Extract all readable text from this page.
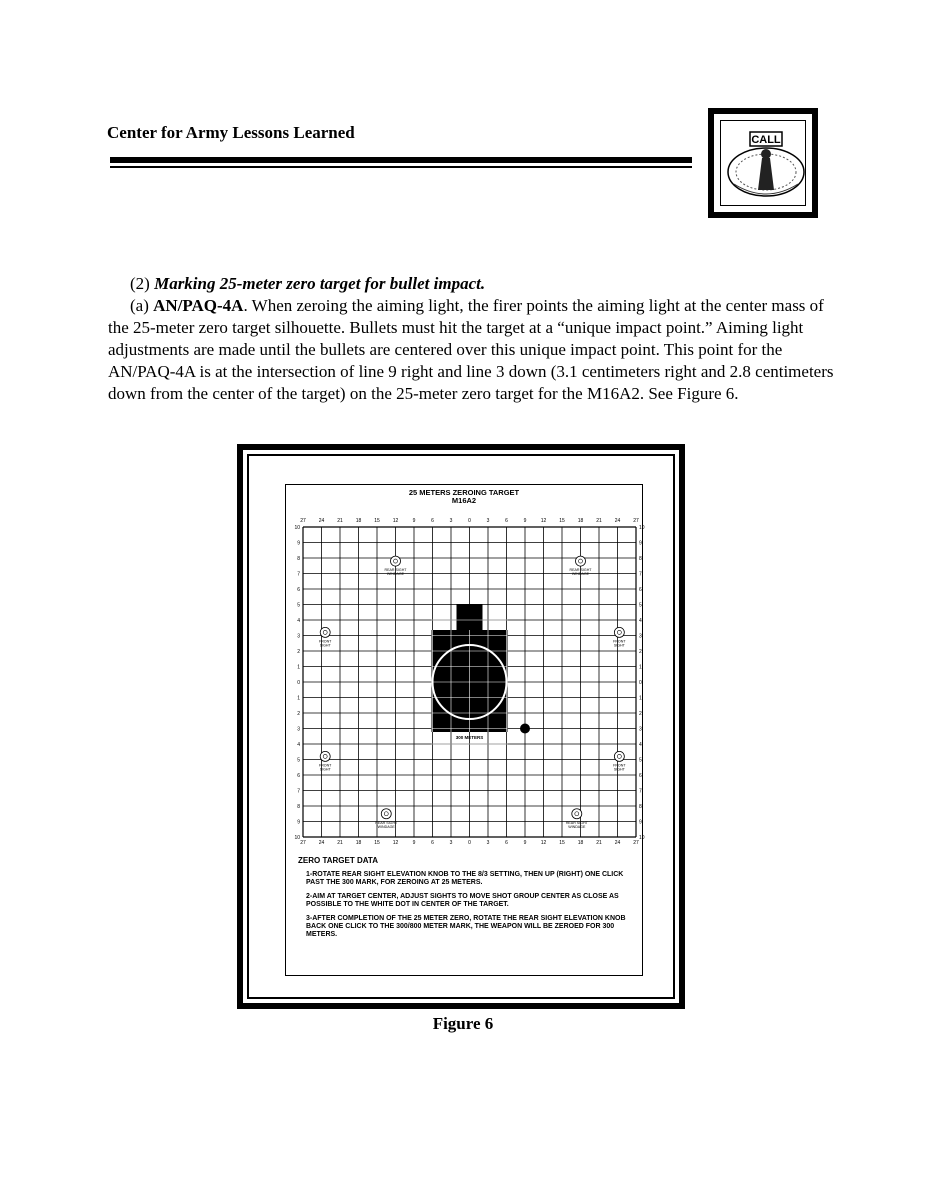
Center for Army Lessons Learned	CALL

(2) Marking 25-meter zero target for bullet impact.

(a) AN/PAQ-4A. When zeroing the aiming light, the firer points the aiming light at the center mass of the 25-meter zero target silhouette. Bullets must hit the target at a “unique impact point.” Aiming light adjustments are made until the bullets are centered over this unique impact point. This point for the AN/PAQ-4A is at the intersection of line 9 right and line 3 down (3.1 centimeters right and 2.8 centimeters down from the center of the target) on the 25-meter zero target for the M16A2. See Figure 6.

25 METERS ZEROING TARGET
M16A2
27
27
24
24
21
21
18
18
15
15
12
12
9
9
6
6
3
3
0
0
3
3
6
6
9
9
12
12
15
15
18
18
21
21
24
24
27
27
10	10
9	9
8	8
7	7
6	6
5	5
4	4
3	3
2	2
1	1
0	0
1	1
2	2
3	3
4	4
5	5
6	6
7	7
8	8
9	9
10	10
300 METERS
REAR SIGHT
WINDAGE
REAR SIGHT
WINDAGE
FRONT
SIGHT
FRONT
SIGHT
FRONT
SIGHT
FRONT
SIGHT
REAR SIGHT
WINDAGE
REAR SIGHT
WINDAGE
ZERO TARGET DATA
1-ROTATE REAR SIGHT ELEVATION KNOB TO THE 8/3 SETTING, THEN UP (RIGHT) ONE CLICK PAST THE 300 MARK, FOR ZEROING AT 25 METERS.
2-AIM AT TARGET CENTER, ADJUST SIGHTS TO MOVE SHOT GROUP CENTER AS CLOSE AS POSSIBLE TO THE WHITE DOT IN CENTER OF THE TARGET.
3-AFTER COMPLETION OF THE 25 METER ZERO, ROTATE THE REAR SIGHT ELEVATION KNOB BACK ONE CLICK TO THE 300/800 METER MARK, THE WEAPON WILL BE ZEROED FOR 300 METERS.
Figure 6
